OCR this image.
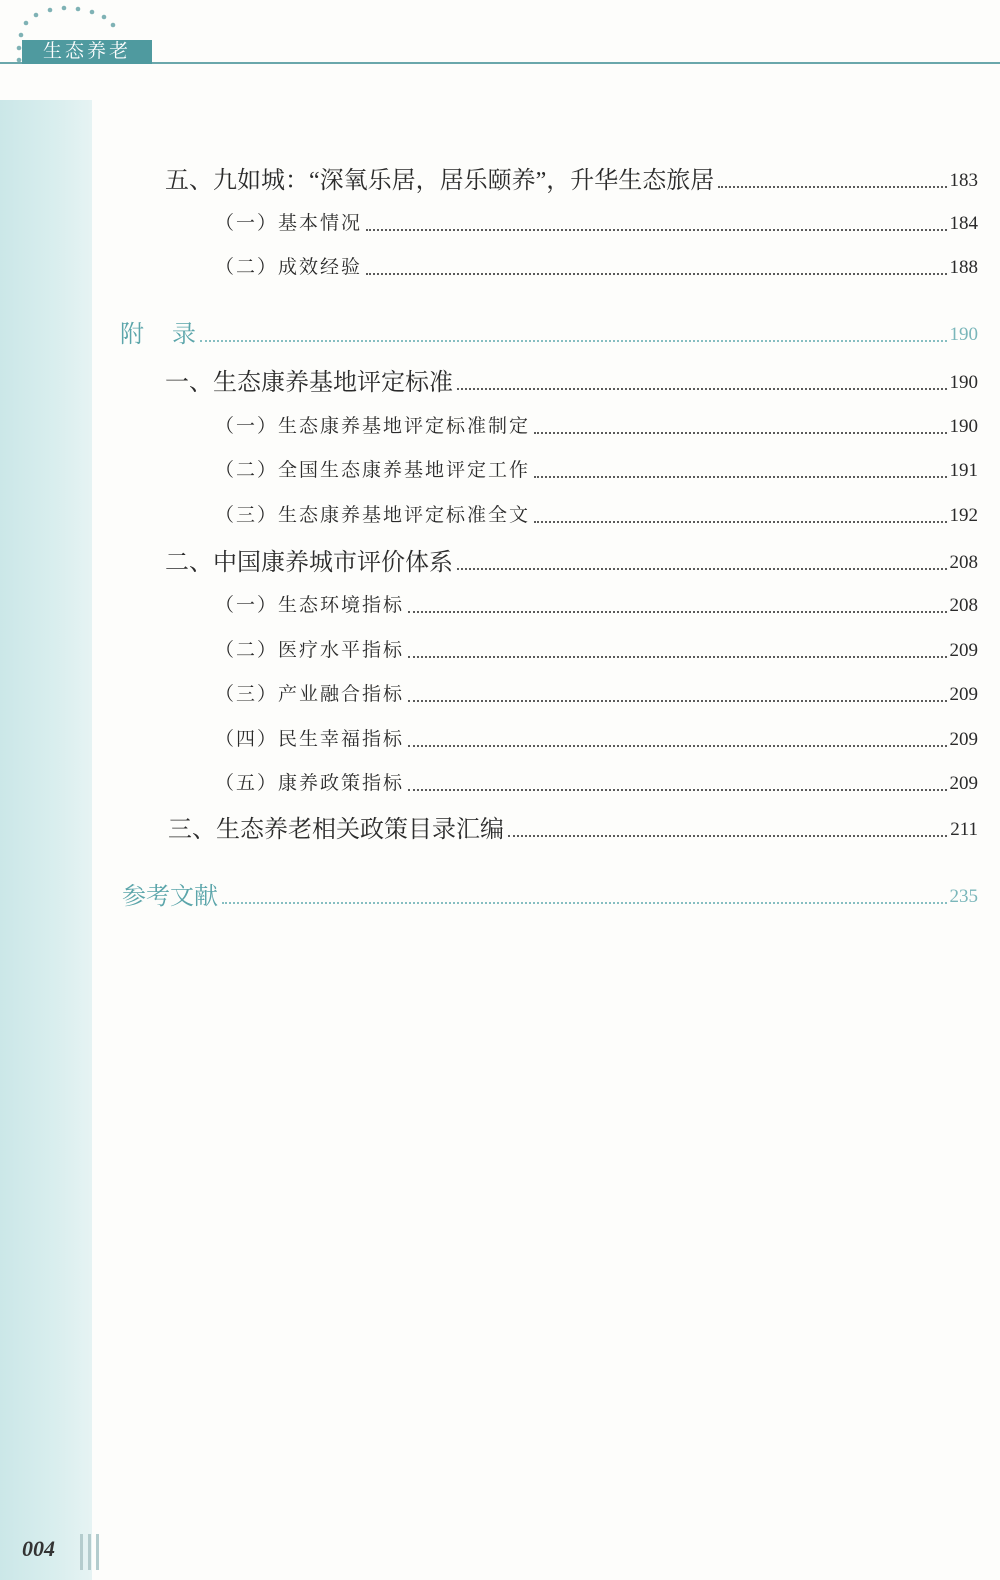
生态养老
五、九如城：“深氧乐居，居乐颐养”，升华生态旅居	183
（一）基本情况	184
（二）成效经验	188
附 录	190
一、生态康养基地评定标准	190
（一）生态康养基地评定标准制定	190
（二）全国生态康养基地评定工作	191
（三）生态康养基地评定标准全文	192
二、中国康养城市评价体系	208
（一）生态环境指标	208
（二）医疗水平指标	209
（三）产业融合指标	209
（四）民生幸福指标	209
（五）康养政策指标	209
三、生态养老相关政策目录汇编	211
参考文献	235
004
